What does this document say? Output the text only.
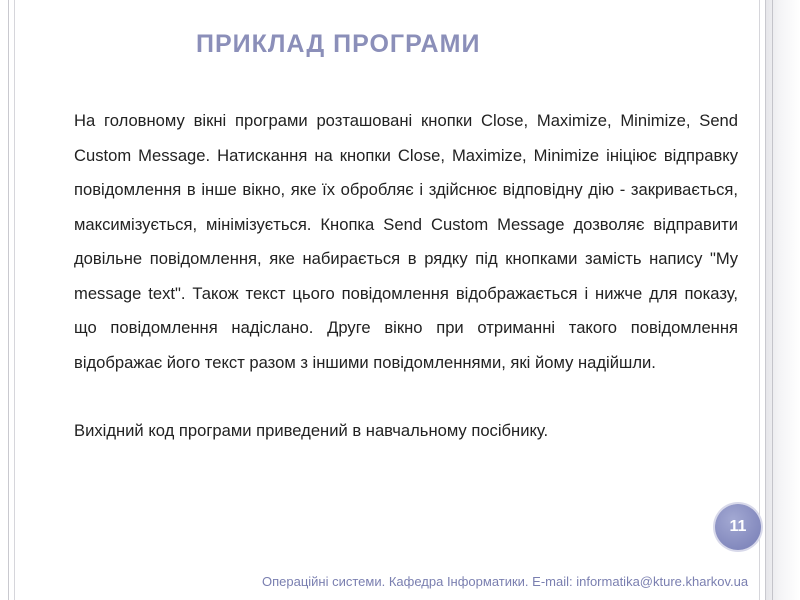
ПРИКЛАД ПРОГРАМИ

На головному вікні програми розташовані кнопки Close, Maximize, Minimize, Send Custom Message. Натискання на кнопки Close, Maximize, Minimize ініціює відправку повідомлення в інше вікно, яке їх обробляє і здійснює відповідну дію - закривається, максимізується, мінімізується. Кнопка Send Custom Message дозволяє відправити довільне повідомлення, яке набирається в рядку під кнопками замість напису "My message text". Також текст цього повідомлення відображається і нижче для показу, що повідомлення надіслано. Друге вікно при отриманні такого повідомлення відображає його текст разом з іншими повідомленнями, які йому надійшли.

Вихідний код програми приведений в навчальному посібнику.

11
Операційні системи. Кафедра Інформатики. E-mail: informatika@kture.kharkov.ua
